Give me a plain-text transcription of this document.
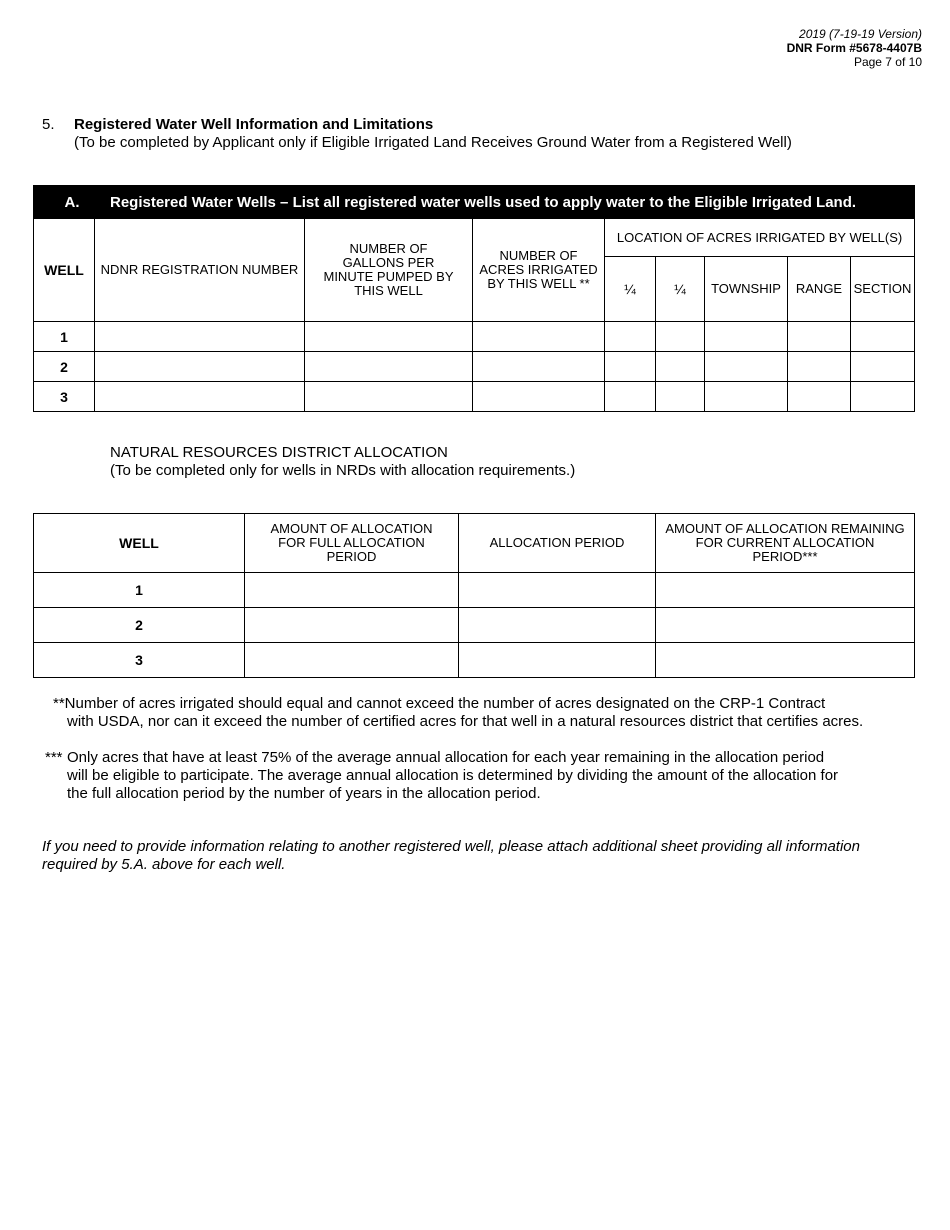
2019 (7-19-19 Version)
DNR Form #5678-4407B
Page 7 of 10
5. Registered Water Well Information and Limitations
(To be completed by Applicant only if Eligible Irrigated Land Receives Ground Water from a Registered Well)
A. Registered Water Wells – List all registered water wells used to apply water to the Eligible Irrigated Land.								
WELL	NDNR REGISTRATION NUMBER	NUMBER OF GALLONS PER MINUTE PUMPED BY THIS WELL	NUMBER OF ACRES IRRIGATED BY THIS WELL **	LOCATION OF ACRES IRRIGATED BY WELL(S)				
				¼	¼	TOWNSHIP	RANGE	SECTION
1								
2								
3								
NATURAL RESOURCES DISTRICT ALLOCATION
(To be completed only for wells in NRDs with allocation requirements.)
WELL	AMOUNT OF ALLOCATION FOR FULL ALLOCATION PERIOD	ALLOCATION PERIOD	AMOUNT OF ALLOCATION REMAINING FOR CURRENT ALLOCATION PERIOD***
1			
2			
3			
**Number of acres irrigated should equal and cannot exceed the number of acres designated on the CRP-1 Contract
with USDA, nor can it exceed the number of certified acres for that well in a natural resources district that certifies acres.
*** Only acres that have at least 75% of the average annual allocation for each year remaining in the allocation period
will be eligible to participate. The average annual allocation is determined by dividing the amount of the allocation for
the full allocation period by the number of years in the allocation period.
If you need to provide information relating to another registered well, please attach additional sheet providing all information
required by 5.A. above for each well.
